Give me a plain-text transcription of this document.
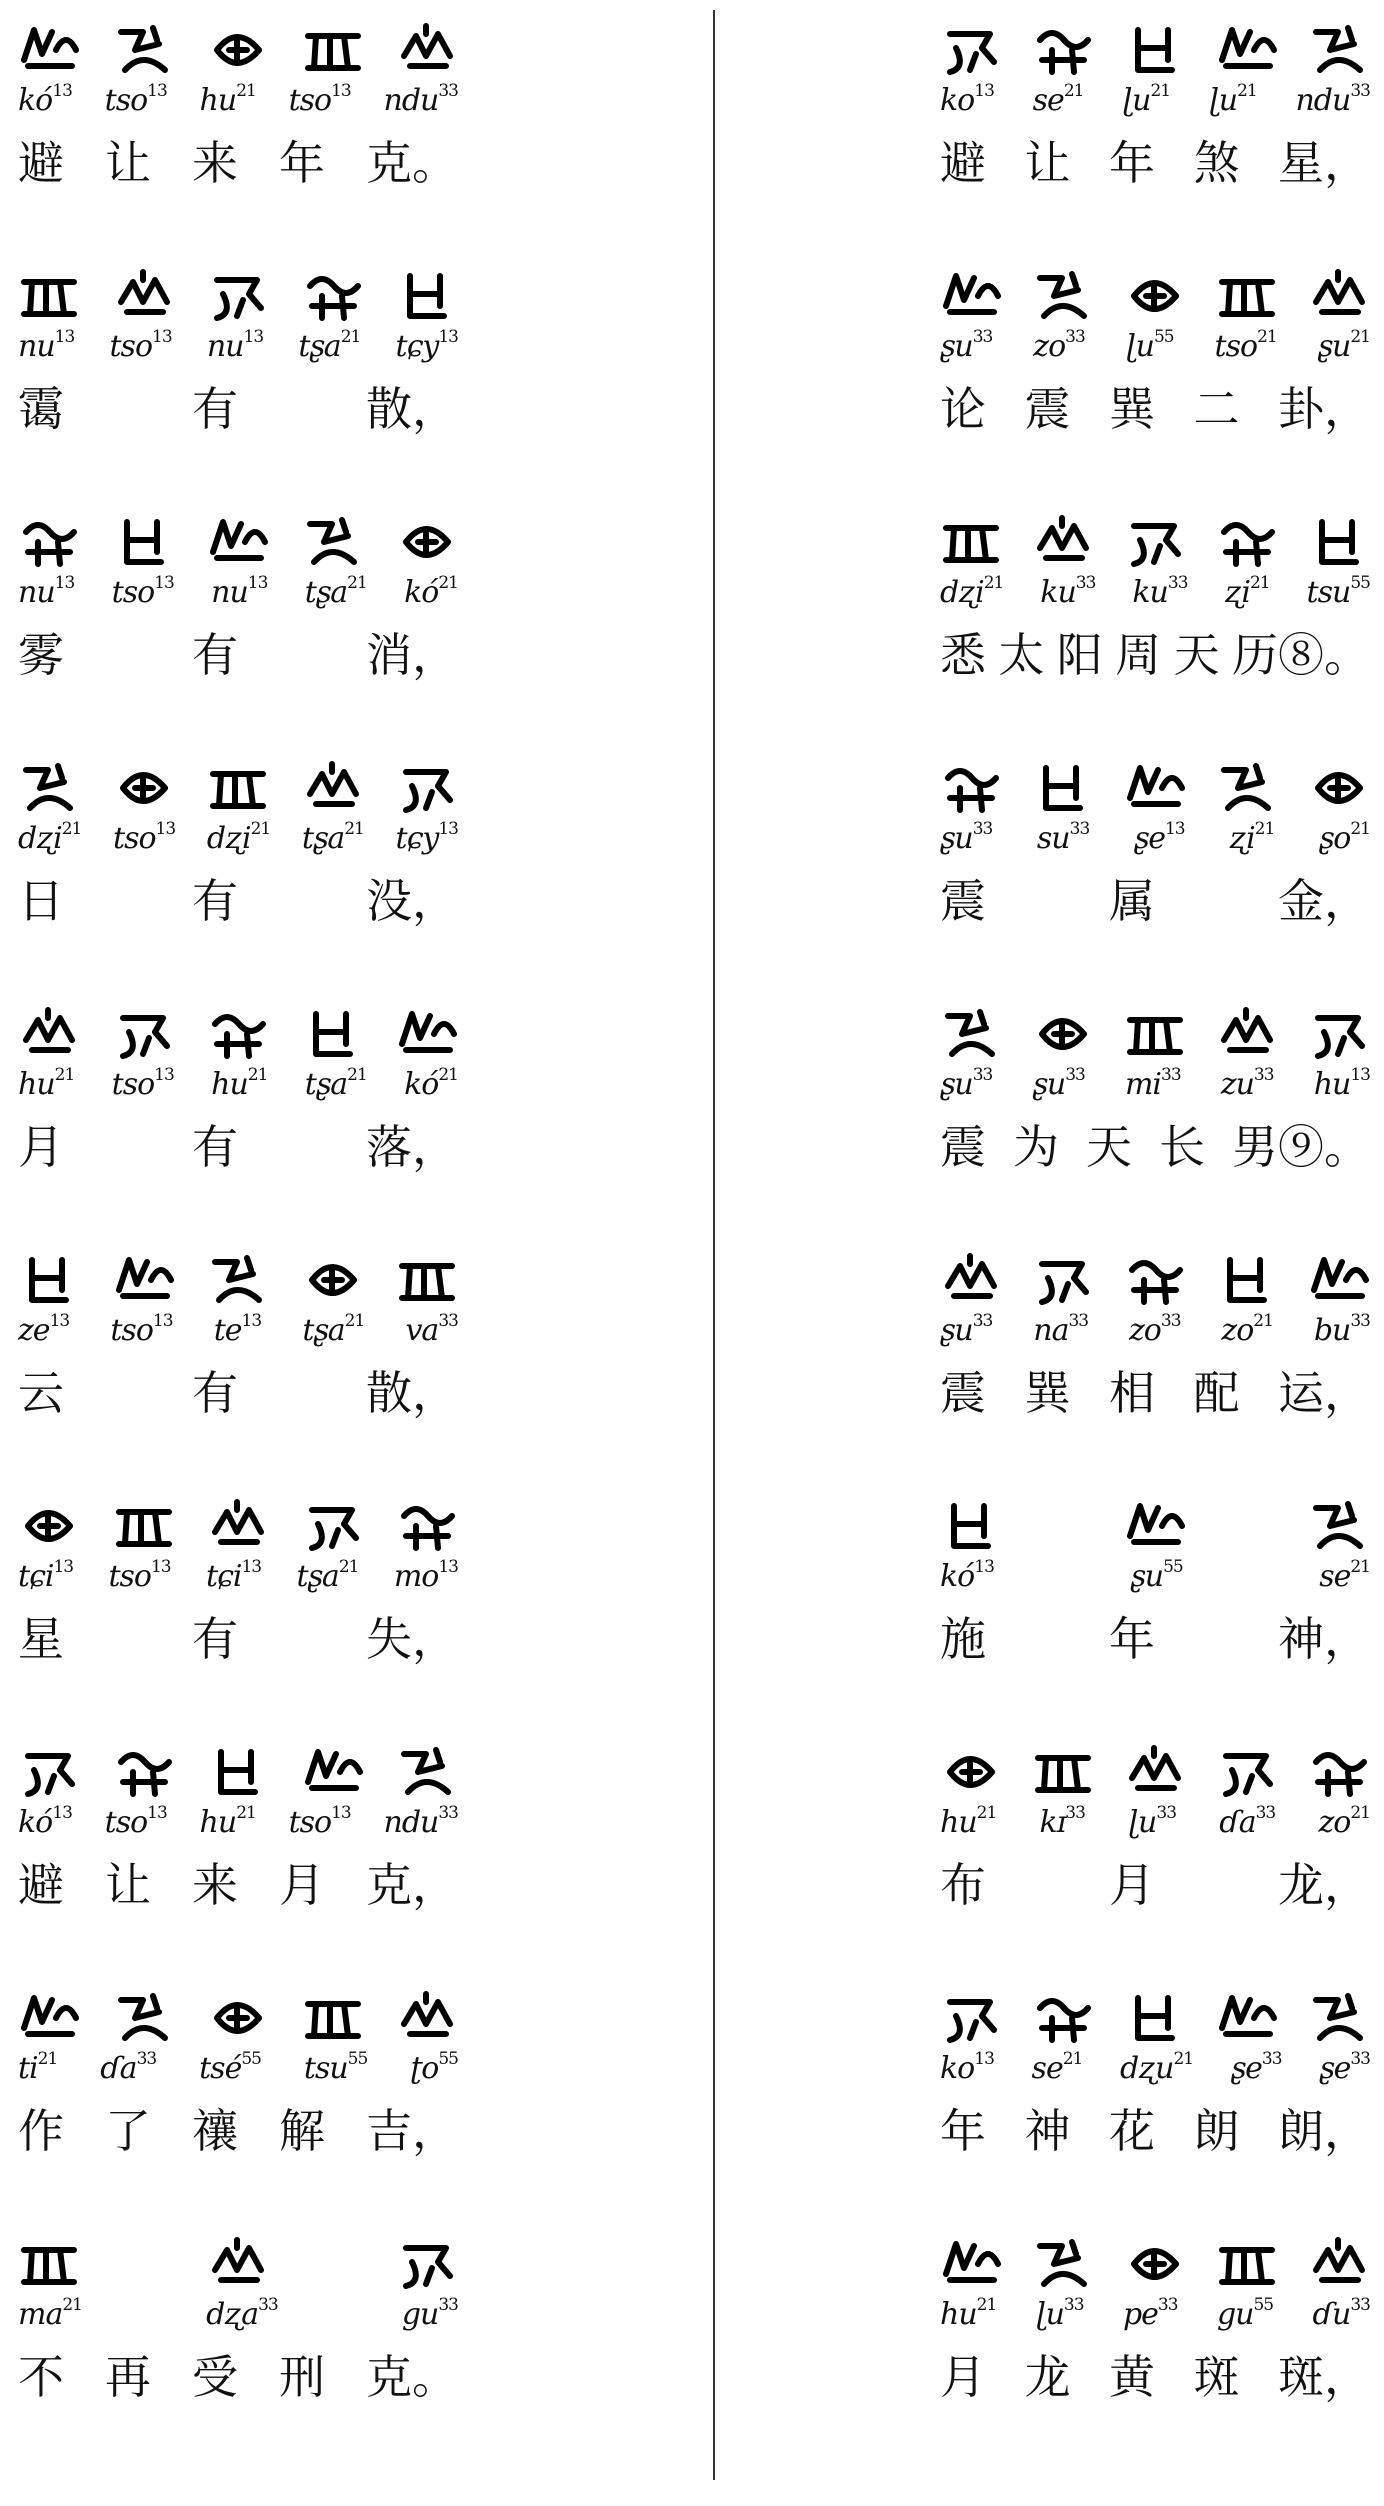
$kó^{13}$ tso$^{13}$ $hu^{21}$ tso$^{13}$ ndu$^{33}$
避 让 来 年 克。
$nu^{13}$ tso$^{13}$ $nu^{13}$ tʂa$^{21}$ tɕy$^{13}$
霭	有	散，
$nu^{13}$ tso$^{13}$ $nu^{13}$ tʂa$^{21}$ $kó^{21}$
雾	有	消，
dʐi$^{21}$ tso$^{13}$ dʐi$^{21}$ tʂa$^{21}$ tɕy$^{13}$
日	有	没，
$hu^{21}$ tso$^{13}$ $hu^{21}$ tʂa$^{21}$ $kó^{21}$
月	有	落，
$ze^{13}$ tso$^{13}$ $te^{13}$ tʂa$^{21}$ $va^{33}$
云	有	散，
tɕi$^{13}$ tso$^{13}$ tɕi$^{13}$ tʂa$^{21}$ $mo^{13}$
星	有	失，
$kó^{13}$ tso$^{13}$ $hu^{21}$ tso$^{13}$ ndu$^{33}$
避 让 来 月 克，
$ti^{21}$ ɗa$^{33}$ tsé$^{55}$ tsu$^{55}$ ʈo$^{55}$
作 了 禳 解 吉，
$ma^{21}$	dʐa$^{33}$	$gu^{33}$
不 再 受 刑 克。
$ko^{13}$ $se^{21}$ ɭu$^{21}$ ɭu$^{21}$ ndu$^{33}$
避 让 年 煞 星，
ʂu$^{33}$ $zo^{33}$ ɭu$^{55}$ tso$^{21}$ ʂu$^{21}$
论 震 巽 二 卦，
dʐi$^{21}$ $ku^{33}$ $ku^{33}$ ʐi$^{21}$ tsu$^{55}$
悉 太 阳 周 天 历⑧。
ʂu$^{33}$ $su^{33}$ ʂe$^{13}$ ʐi$^{21}$ ʂo$^{21}$
震	属	金，
ʂu$^{33}$ ʂu$^{33}$ $mi^{33}$ $zu^{33}$ $hu^{13}$
震 为 天 长 男⑨。
ʂu$^{33}$ $na^{33}$ $zo^{33}$ $zo^{21}$ $bu^{33}$
震 巽 相 配 运，
$kó^{13}$	ʂu$^{55}$	$se^{21}$
施	年	神，
$hu^{21}$ kɪ$^{33}$ ɭu$^{33}$ ɗa$^{33}$ $zo^{21}$
布	月	龙，
$ko^{13}$ $se^{21}$ dʐu$^{21}$ ʂe$^{33}$ ʂe$^{33}$
年 神 花 朗 朗，
$hu^{21}$ ɭu$^{33}$ $pe^{33}$ $gu^{55}$ ɗu$^{33}$
月 龙 黄 斑 斑，
